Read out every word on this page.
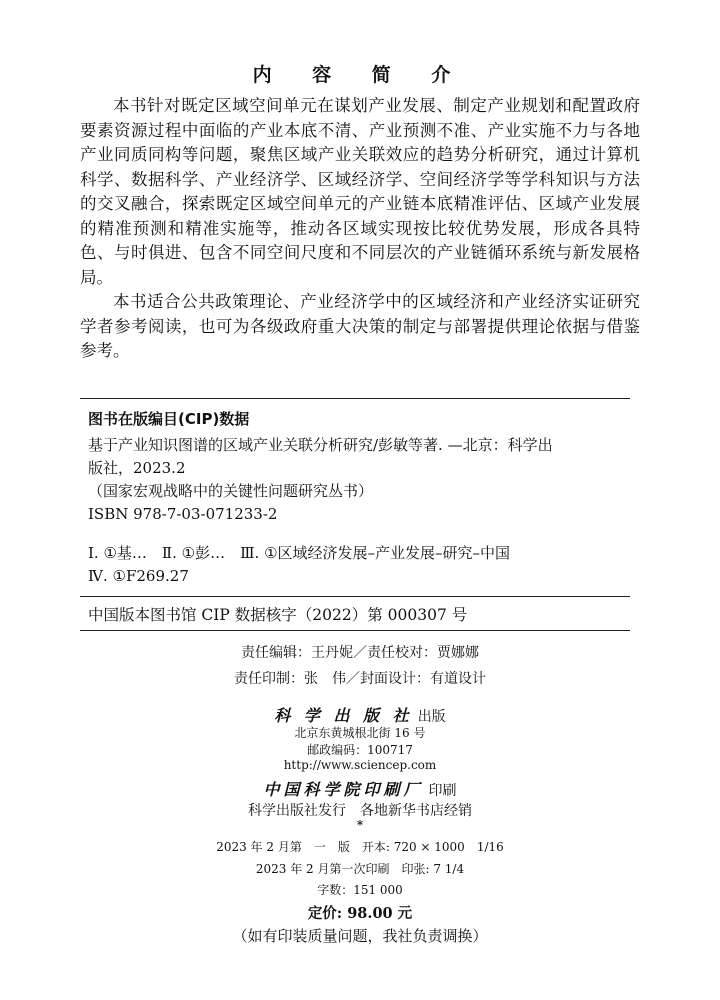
内 容 简 介

本书针对既定区域空间单元在谋划产业发展、制定产业规划和配置政府要素资源过程中面临的产业本底不清、产业预测不准、产业实施不力与各地产业同质同构等问题，聚焦区域产业关联效应的趋势分析研究，通过计算机科学、数据科学、产业经济学、区域经济学、空间经济学等学科知识与方法的交叉融合，探索既定区域空间单元的产业链本底精准评估、区域产业发展的精准预测和精准实施等，推动各区域实现按比较优势发展，形成各具特色、与时俱进、包含不同空间尺度和不同层次的产业链循环系统与新发展格局。

本书适合公共政策理论、产业经济学中的区域经济和产业经济实证研究学者参考阅读，也可为各级政府重大决策的制定与部署提供理论依据与借鉴参考。

图书在版编目(CIP)数据
基于产业知识图谱的区域产业关联分析研究/彭敏等著. —北京：科学出
版社，2023.2
（国家宏观战略中的关键性问题研究丛书）
ISBN 978-7-03-071233-2
Ⅰ. ①基…　Ⅱ. ①彭…　Ⅲ. ①区域经济发展–产业发展–研究–中国
Ⅳ. ①F269.27
中国版本图书馆 CIP 数据核字（2022）第 000307 号
责任编辑：王丹妮／责任校对：贾娜娜
责任印制：张　伟／封面设计：有道设计
科 学 出 版 社 出版
北京东黄城根北街 16 号
邮政编码：100717
http://www.sciencep.com
中国科学院印刷厂 印刷
科学出版社发行　各地新华书店经销
*
2023 年 2 月第　一　版　开本: 720 × 1000　1/16
2023 年 2 月第一次印刷　印张: 7 1/4
字数：151 000
定价: 98.00 元
（如有印装质量问题，我社负责调换）
